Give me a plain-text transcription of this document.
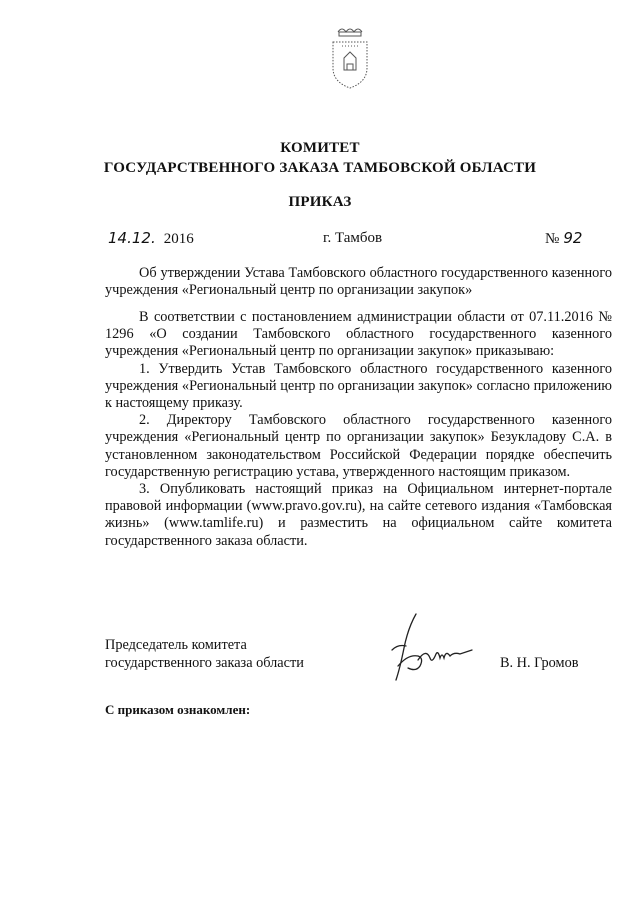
КОМИТЕТ
ГОСУДАРСТВЕННОГО ЗАКАЗА ТАМБОВСКОЙ ОБЛАСТИ
ПРИКАЗ
14.12. 2016	г. Тамбов	№ 92

Об утверждении Устава Тамбовского областного государственного казенного учреждения «Региональный центр по организации закупок»

В соответствии с постановлением администрации области от 07.11.2016 № 1296 «О создании Тамбовского областного государственного казенного учреждения «Региональный центр по организации закупок» приказываю:

1. Утвердить Устав Тамбовского областного государственного казенного учреждения «Региональный центр по организации закупок» согласно приложению к настоящему приказу.

2. Директору Тамбовского областного государственного казенного учреждения «Региональный центр по организации закупок» Безукладову С.А. в установленном законодательством Российской Федерации порядке обеспечить государственную регистрацию устава, утвержденного настоящим приказом.

3. Опубликовать настоящий приказ на Официальном интернет-портале правовой информации (www.pravo.gov.ru), на сайте сетевого издания «Тамбовская жизнь» (www.tamlife.ru) и разместить на официальном сайте комитета государственного заказа области.

Председатель комитета
государственного заказа области	В. Н. Громов
С приказом ознакомлен:
